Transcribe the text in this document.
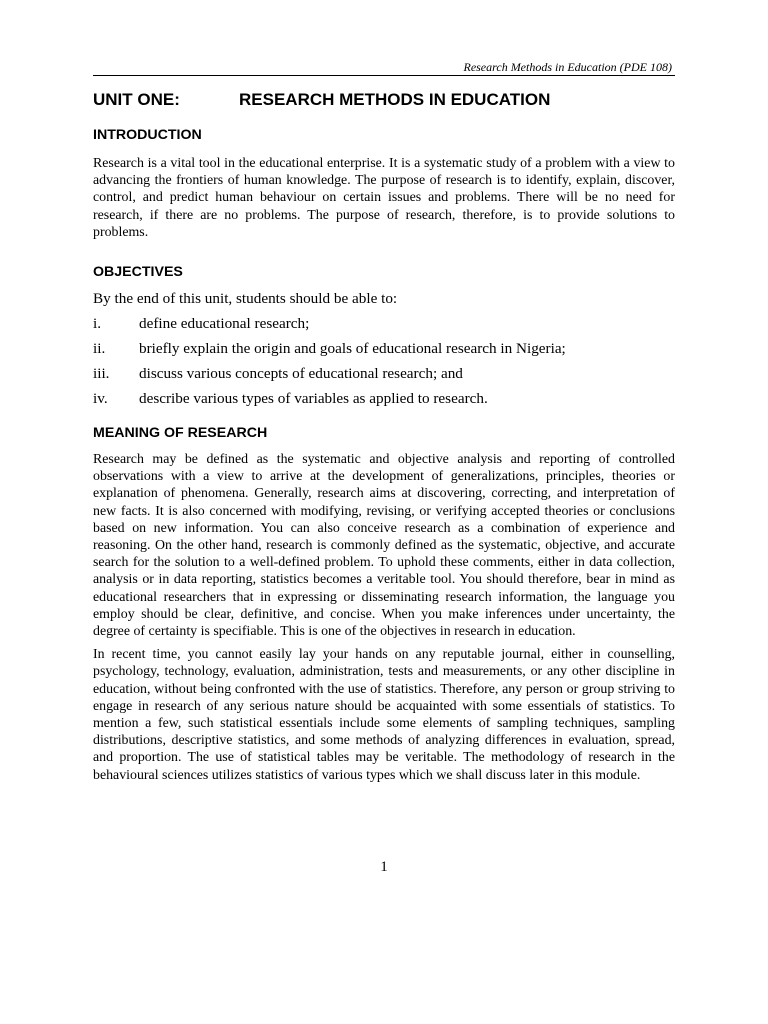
Research Methods in Education (PDE 108)
UNIT ONE:	RESEARCH METHODS IN EDUCATION
INTRODUCTION

Research is a vital tool in the educational enterprise. It is a systematic study of a problem with a view to advancing the frontiers of human knowledge. The purpose of research is to identify, explain, discover, control, and predict human behaviour on certain issues and problems. There will be no need for research, if there are no problems. The purpose of research, therefore, is to provide solutions to problems.

OBJECTIVES

By the end of this unit, students should be able to:

i.	define educational research;
ii.	briefly explain the origin and goals of educational research in Nigeria;
iii.	discuss various concepts of educational research; and
iv.	describe various types of variables as applied to research.
MEANING OF RESEARCH

Research may be defined as the systematic and objective analysis and reporting of controlled observations with a view to arrive at the development of generalizations, principles, theories or explanation of phenomena. Generally, research aims at discovering, correcting, and interpretation of new facts. It is also concerned with modifying, revising, or verifying accepted theories or conclusions based on new information. You can also conceive research as a combination of experience and reasoning. On the other hand, research is commonly defined as the systematic, objective, and accurate search for the solution to a well-defined problem. To uphold these comments, either in data collection, analysis or in data reporting, statistics becomes a veritable tool. You should therefore, bear in mind as educational researchers that in expressing or disseminating research information, the language you employ should be clear, definitive, and concise. When you make inferences under uncertainty, the degree of certainty is specifiable. This is one of the objectives in research in education.

In recent time, you cannot easily lay your hands on any reputable journal, either in counselling, psychology, technology, evaluation, administration, tests and measurements, or any other discipline in education, without being confronted with the use of statistics. Therefore, any person or group striving to engage in research of any serious nature should be acquainted with some essentials of statistics. To mention a few, such statistical essentials include some elements of sampling techniques, sampling distributions, descriptive statistics, and some methods of analyzing differences in evaluation, spread, and proportion. The use of statistical tables may be veritable. The methodology of research in the behavioural sciences utilizes statistics of various types which we shall discuss later in this module.

1
